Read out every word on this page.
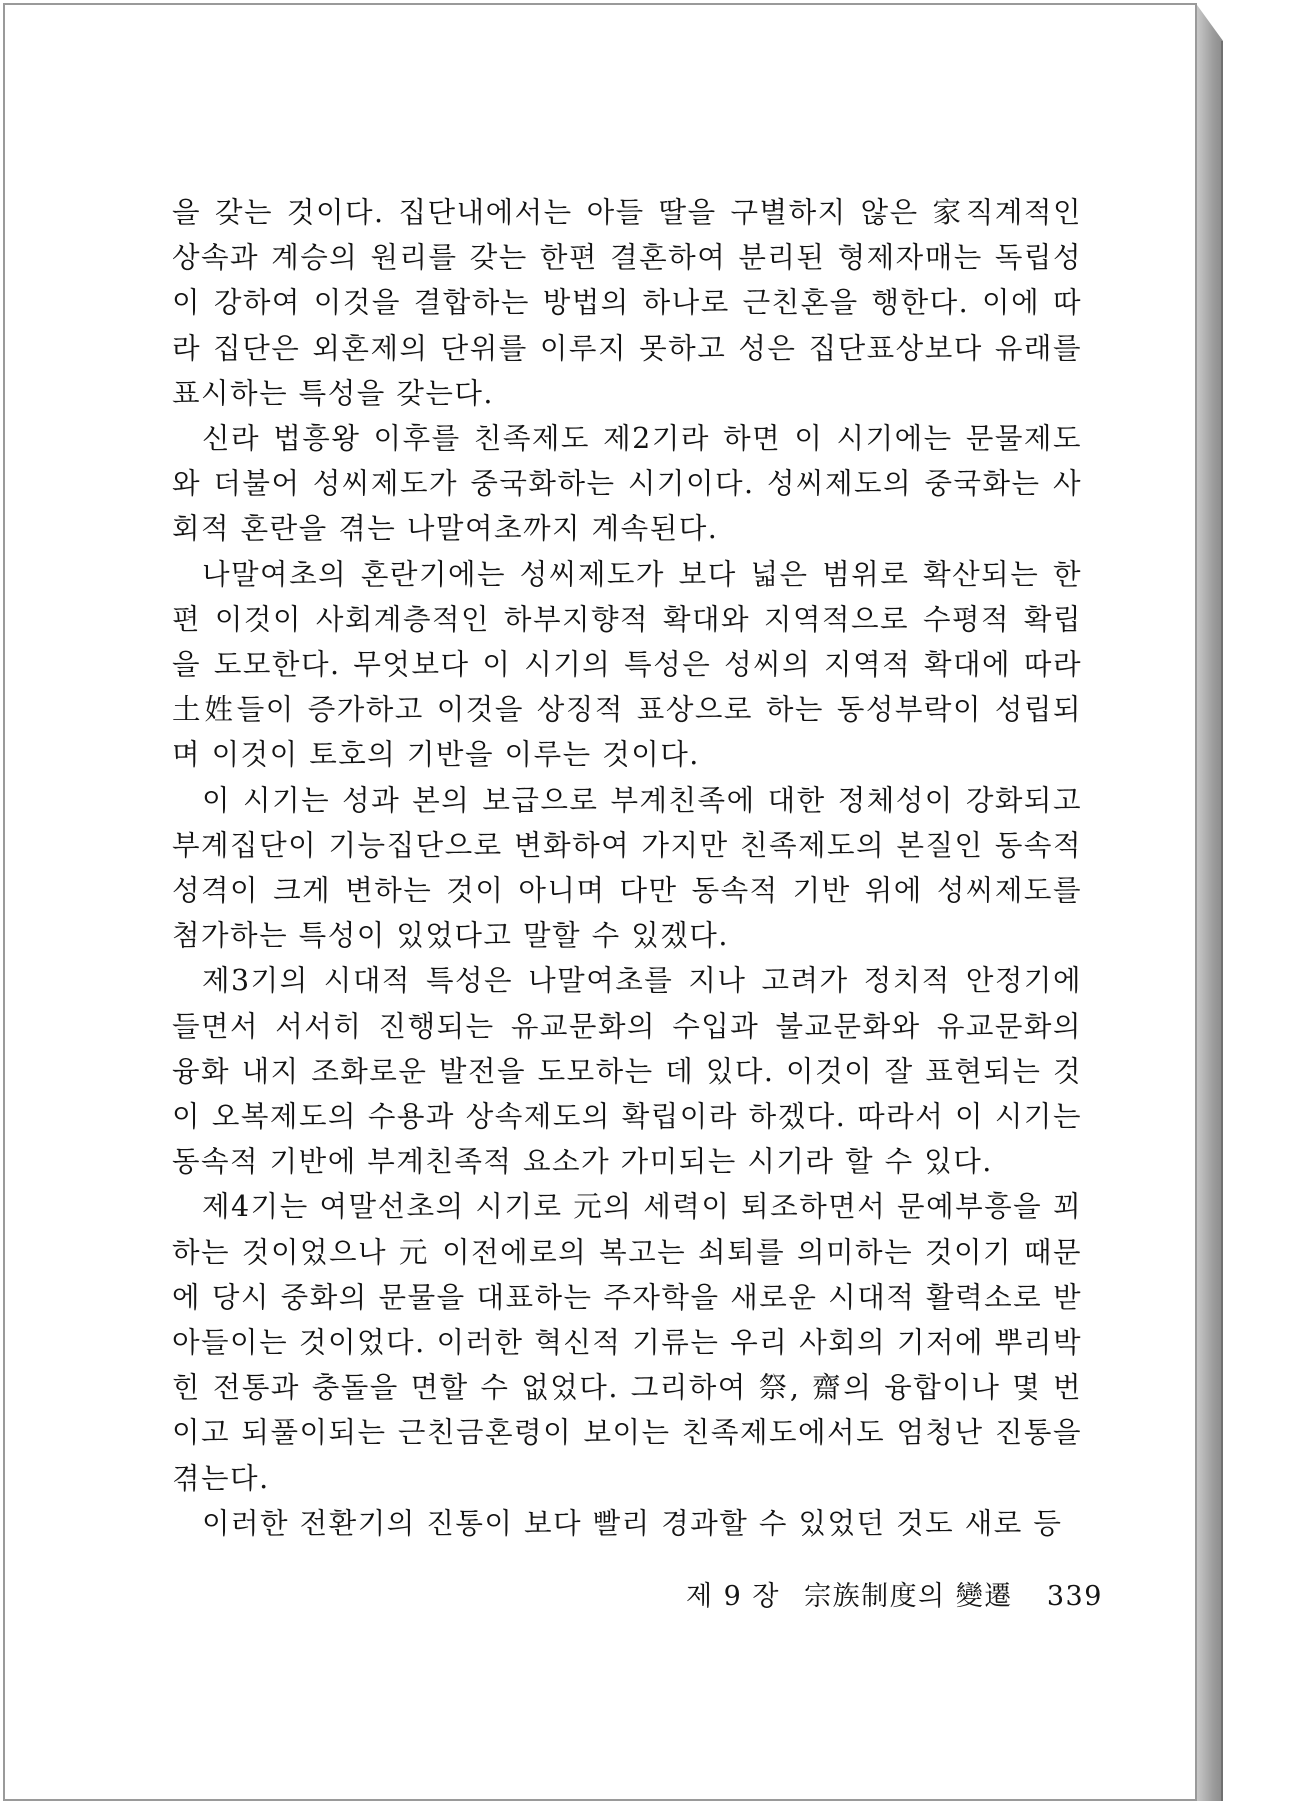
을 갖는 것이다. 집단내에서는 아들 딸을 구별하지 않은 家직계적인 상속과 계승의 원리를 갖는 한편 결혼하여 분리된 형제자매는 독립성이 강하여 이것을 결합하는 방법의 하나로 근친혼을 행한다. 이에 따라 집단은 외혼제의 단위를 이루지 못하고 성은 집단표상보다 유래를 표시하는 특성을 갖는다.

신라 법흥왕 이후를 친족제도 제2기라 하면 이 시기에는 문물제도와 더불어 성씨제도가 중국화하는 시기이다. 성씨제도의 중국화는 사회적 혼란을 겪는 나말여초까지 계속된다.

나말여초의 혼란기에는 성씨제도가 보다 넓은 범위로 확산되는 한편 이것이 사회계층적인 하부지향적 확대와 지역적으로 수평적 확립을 도모한다. 무엇보다 이 시기의 특성은 성씨의 지역적 확대에 따라 土姓들이 증가하고 이것을 상징적 표상으로 하는 동성부락이 성립되며 이것이 토호의 기반을 이루는 것이다.

이 시기는 성과 본의 보급으로 부계친족에 대한 정체성이 강화되고 부계집단이 기능집단으로 변화하여 가지만 친족제도의 본질인 동속적 성격이 크게 변하는 것이 아니며 다만 동속적 기반 위에 성씨제도를 첨가하는 특성이 있었다고 말할 수 있겠다.

제3기의 시대적 특성은 나말여초를 지나 고려가 정치적 안정기에 들면서 서서히 진행되는 유교문화의 수입과 불교문화와 유교문화의 융화 내지 조화로운 발전을 도모하는 데 있다. 이것이 잘 표현되는 것이 오복제도의 수용과 상속제도의 확립이라 하겠다. 따라서 이 시기는 동속적 기반에 부계친족적 요소가 가미되는 시기라 할 수 있다.

제4기는 여말선초의 시기로 元의 세력이 퇴조하면서 문예부흥을 꾀하는 것이었으나 元 이전에로의 복고는 쇠퇴를 의미하는 것이기 때문에 당시 중화의 문물을 대표하는 주자학을 새로운 시대적 활력소로 받아들이는 것이었다. 이러한 혁신적 기류는 우리 사회의 기저에 뿌리박힌 전통과 충돌을 면할 수 없었다. 그리하여 祭, 齋의 융합이나 몇 번이고 되풀이되는 근친금혼령이 보이는 친족제도에서도 엄청난 진통을 겪는다.

이러한 전환기의 진통이 보다 빨리 경과할 수 있었던 것도 새로 등

제 9 장 宗族制度의 變遷 339
